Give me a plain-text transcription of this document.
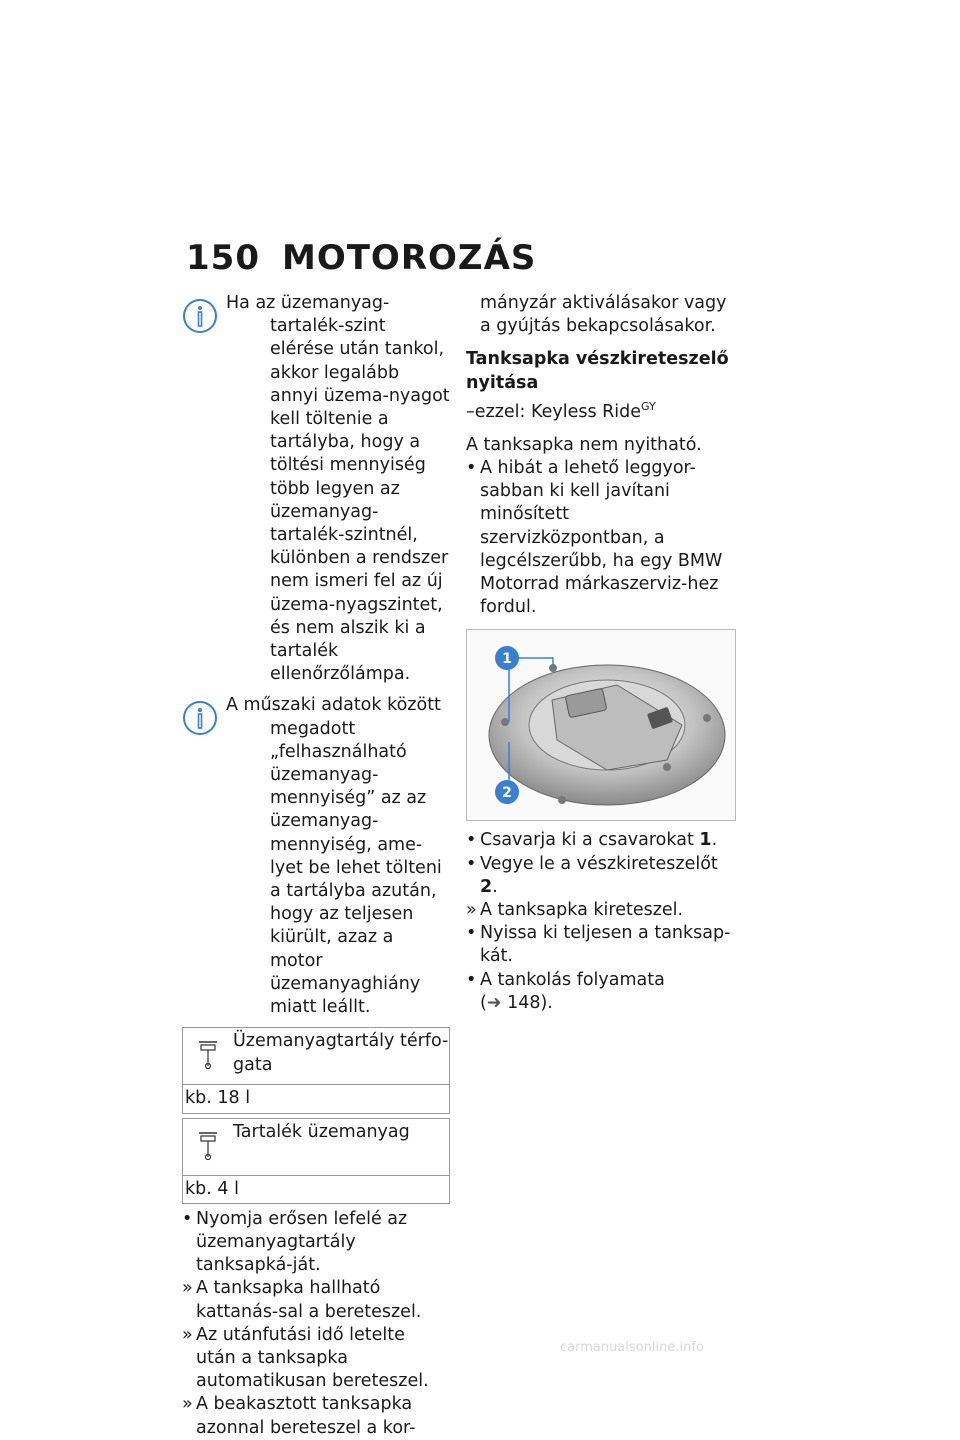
150 MOTOROZÁS

Ha az üzemanyag-tartalék-szint elérése után tankol, akkor legalább annyi üzema-nyagot kell töltenie a tartályba, hogy a töltési mennyiség több legyen az üzemanyag-tartalék-szintnél, különben a rendszer nem ismeri fel az új üzema-nyagszintet, és nem alszik ki a tartalék ellenőrzőlámpa.

A műszaki adatok között megadott „felhasználható üzemanyag-mennyiség” az az üzemanyag-mennyiség, ame-lyet be lehet tölteni a tartályba azután, hogy az teljesen kiürült, azaz a motor üzemanyaghiány miatt leállt.

Üzemanyagtartály térfo-gata
kb. 18 l
Tartalék üzemanyag
kb. 4 l
• Nyomja erősen lefelé az üzemanyagtartály tanksapká-ját.
» A tanksapka hallható kattanás-sal a bereteszel.
» Az utánfutási idő letelte után a tanksapka automatikusan bereteszel.
» A beakasztott tanksapka azonnal bereteszel a kor-
mányzár aktiválásakor vagy a gyújtás bekapcsolásakor.
Tanksapka vészkireteszelő nyitása
–ezzel: Keyless Ride$^{GY}$
A tanksapka nem nyitható.
• A hibát a lehető leggyor-sabban ki kell javítani minősített szervizközpontban, a legcélszerűbb, ha egy BMW Motorrad márkaszerviz-hez fordul.
1
2
• Csavarja ki a csavarokat 1.
• Vegye le a vészkireteszelőt 2.
» A tanksapka kireteszel.
• Nyissa ki teljesen a tanksap-kát.
• A tankolás folyamata
(➜ 148).
carmanualsonline.info
